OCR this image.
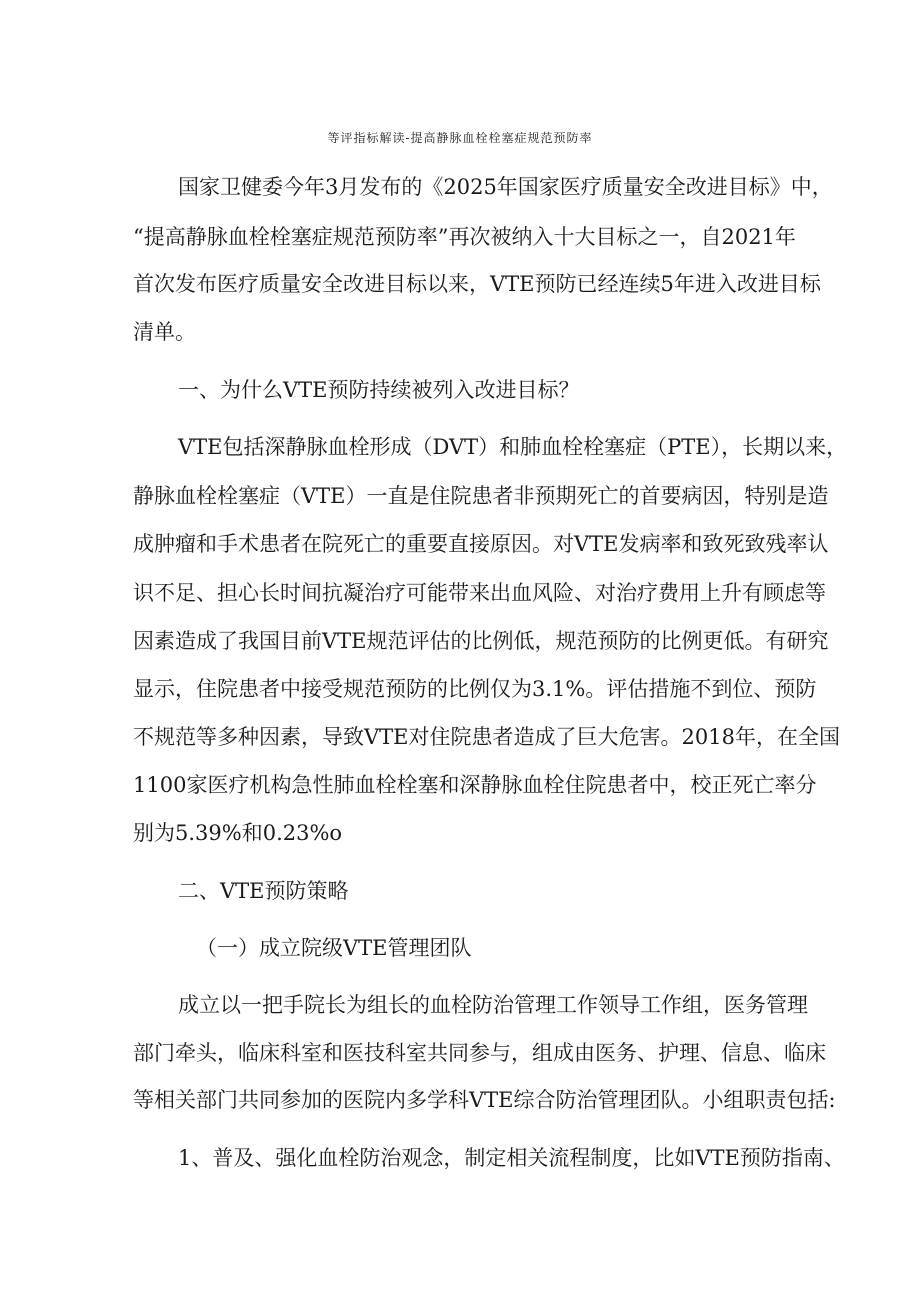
等评指标解读-提高静脉血栓栓塞症规范预防率
国家卫健委今年3月发布的《2025年国家医疗质量安全改进目标》中，
“提高静脉血栓栓塞症规范预防率”再次被纳入十大目标之一，自2021年
首次发布医疗质量安全改进目标以来，VTE预防已经连续5年进入改进目标
清单。
一、为什么VTE预防持续被列入改进目标？
VTE包括深静脉血栓形成（DVT）和肺血栓栓塞症（PTE），长期以来，
静脉血栓栓塞症（VTE）一直是住院患者非预期死亡的首要病因，特别是造
成肿瘤和手术患者在院死亡的重要直接原因。对VTE发病率和致死致残率认
识不足、担心长时间抗凝治疗可能带来出血风险、对治疗费用上升有顾虑等
因素造成了我国目前VTE规范评估的比例低，规范预防的比例更低。有研究
显示，住院患者中接受规范预防的比例仅为3.1%。评估措施不到位、预防
不规范等多种因素，导致VTE对住院患者造成了巨大危害。2018年，在全国
1100家医疗机构急性肺血栓栓塞和深静脉血栓住院患者中，校正死亡率分
别为5.39%和0.23%o
二、VTE预防策略
（一）成立院级VTE管理团队
成立以一把手院长为组长的血栓防治管理工作领导工作组，医务管理
部门牵头，临床科室和医技科室共同参与，组成由医务、护理、信息、临床
等相关部门共同参加的医院内多学科VTE综合防治管理团队。小组职责包括:
1、普及、强化血栓防治观念，制定相关流程制度，比如VTE预防指南、
